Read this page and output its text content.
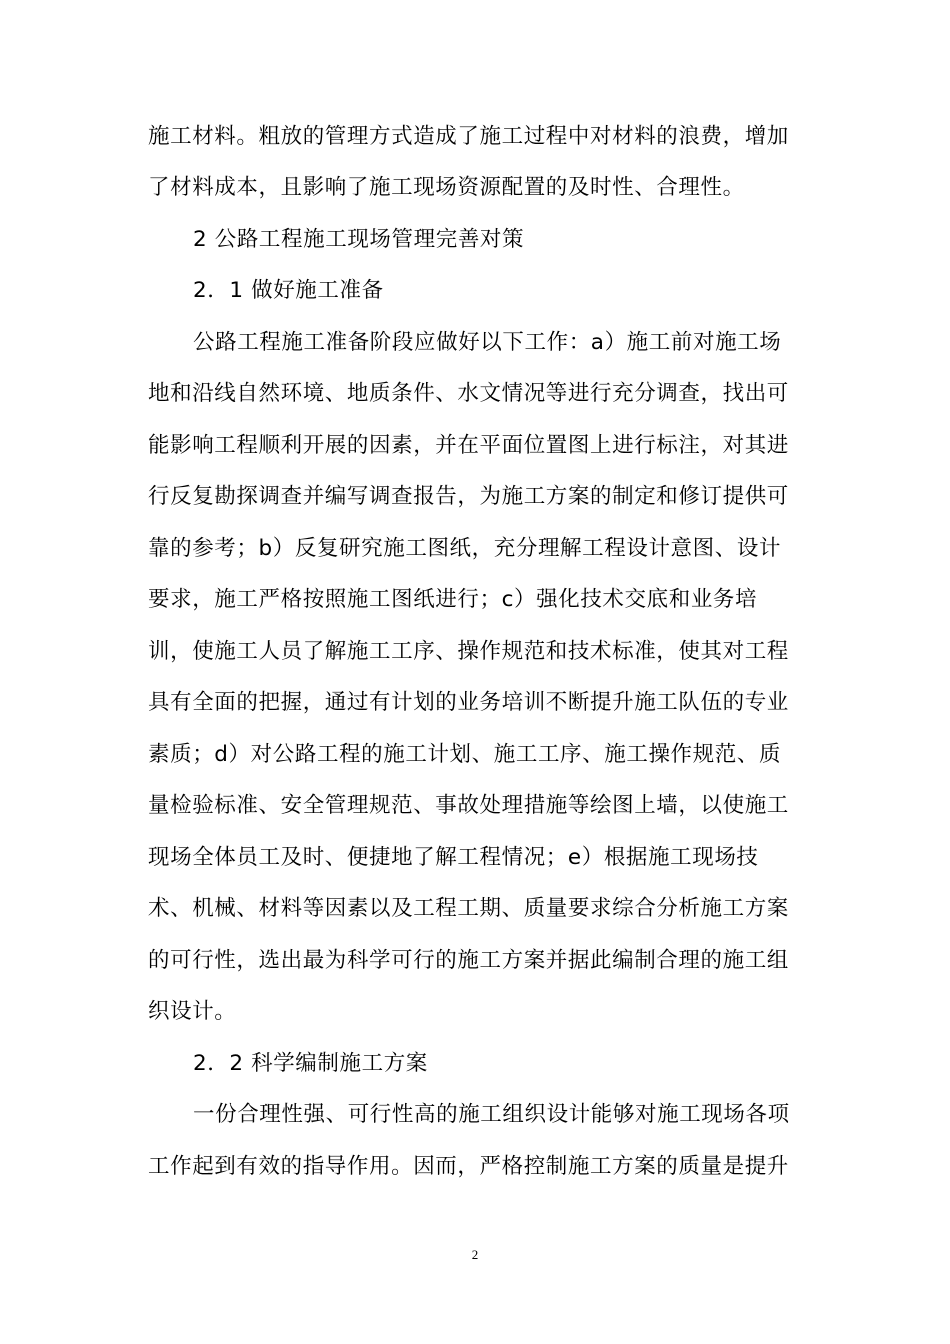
施工材料。粗放的管理方式造成了施工过程中对材料的浪费，增加
了材料成本，且影响了施工现场资源配置的及时性、合理性。
2 公路工程施工现场管理完善对策
2．1 做好施工准备
公路工程施工准备阶段应做好以下工作：a）施工前对施工场
地和沿线自然环境、地质条件、水文情况等进行充分调查，找出可
能影响工程顺利开展的因素，并在平面位置图上进行标注，对其进
行反复勘探调查并编写调查报告，为施工方案的制定和修订提供可
靠的参考；b）反复研究施工图纸，充分理解工程设计意图、设计
要求，施工严格按照施工图纸进行；c）强化技术交底和业务培
训，使施工人员了解施工工序、操作规范和技术标准，使其对工程
具有全面的把握，通过有计划的业务培训不断提升施工队伍的专业
素质；d）对公路工程的施工计划、施工工序、施工操作规范、质
量检验标准、安全管理规范、事故处理措施等绘图上墙，以使施工
现场全体员工及时、便捷地了解工程情况；e）根据施工现场技
术、机械、材料等因素以及工程工期、质量要求综合分析施工方案
的可行性，选出最为科学可行的施工方案并据此编制合理的施工组
织设计。
2．2 科学编制施工方案
一份合理性强、可行性高的施工组织设计能够对施工现场各项
工作起到有效的指导作用。因而，严格控制施工方案的质量是提升
2
